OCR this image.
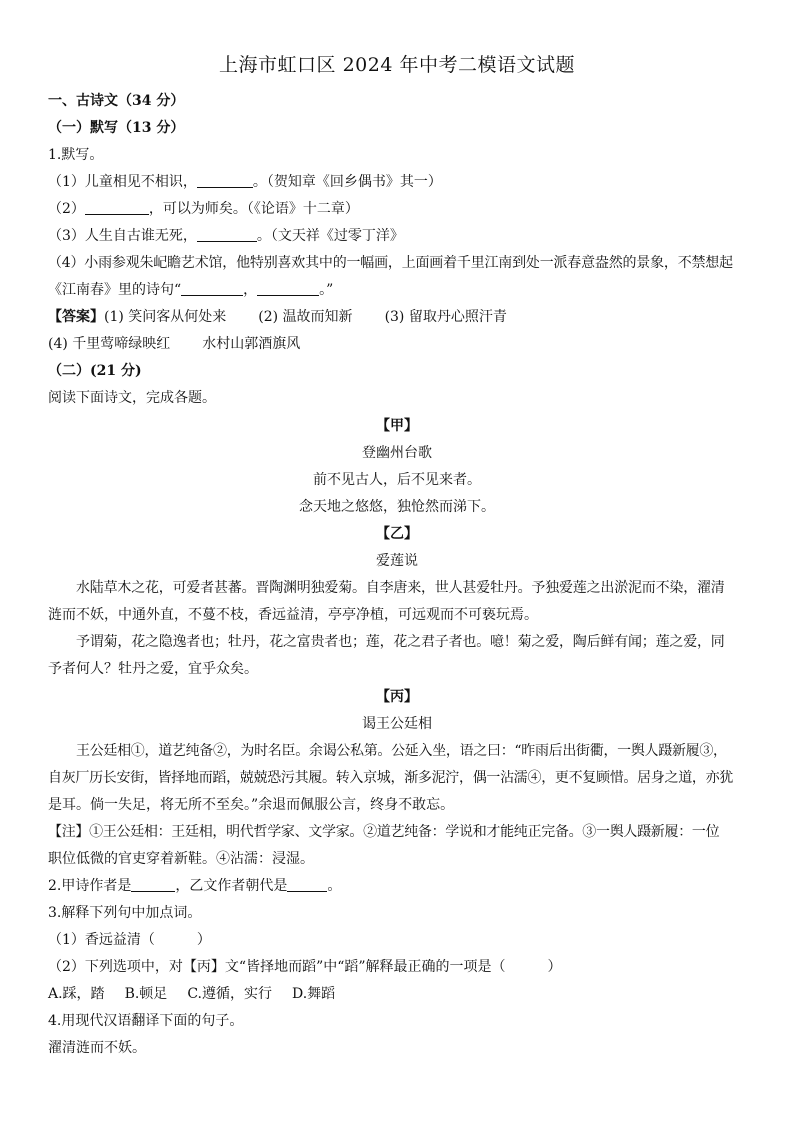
上海市虹口区 2024 年中考二模语文试题
一、古诗文（34 分）
（一）默写（13 分）
1.默写。
（1）儿童相见不相识，	。（贺知章《回乡偶书》其一）
（2）	，可以为师矣。（《论语》十二章）
（3）人生自古谁无死，	。（文天祥《过零丁洋》
（4）小雨参观朱屺瞻艺术馆，他特别喜欢其中的一幅画，上面画着千里江南到处一派春意盎然的景象，不禁想起
《江南春》里的诗句“	，	。”
【答案】(1) 笑问客从何处来 (2) 温故而知新 (3) 留取丹心照汗青
(4) 千里莺啼绿映红 水村山郭酒旗风
（二）(21 分)
阅读下面诗文，完成各题。
【甲】
登幽州台歌
前不见古人，后不见来者。
念天地之悠悠，独怆然而涕下。
【乙】
爱莲说
水陆草木之花，可爱者甚蕃。晋陶渊明独爱菊。自李唐来，世人甚爱牡丹。予独爱莲之出淤泥而不染，濯清
涟而不妖，中通外直，不蔓不枝，香远益清，亭亭净植，可远观而不可亵玩焉。
予谓菊，花之隐逸者也；牡丹，花之富贵者也；莲，花之君子者也。噫！菊之爱，陶后鲜有闻；莲之爱，同
予者何人？牡丹之爱，宜乎众矣。
【丙】
谒王公廷相
王公廷相①，道艺纯备②，为时名臣。余谒公私第。公延入坐，语之曰：“昨雨后出街衢，一舆人蹑新履③，
自灰厂历长安街，皆择地而蹈，兢兢恐污其履。转入京城，渐多泥泞，偶一沾濡④，更不复顾惜。居身之道，亦犹
是耳。倘一失足，将无所不至矣。”余退而佩服公言，终身不敢忘。
【注】①王公廷相：王廷相，明代哲学家、文学家。②道艺纯备：学说和才能纯正完备。③一舆人蹑新履：一位
职位低微的官吏穿着新鞋。④沾濡：浸湿。
2.甲诗作者是	，乙文作者朝代是	。
3.解释下列句中加点词。
（1）香远益清（	）
（2）下列选项中，对【丙】文“皆择地而蹈”中“蹈”解释最正确的一项是（	）
A.踩，踏 B.顿足 C.遵循，实行 D.舞蹈
4.用现代汉语翻译下面的句子。
濯清涟而不妖。
